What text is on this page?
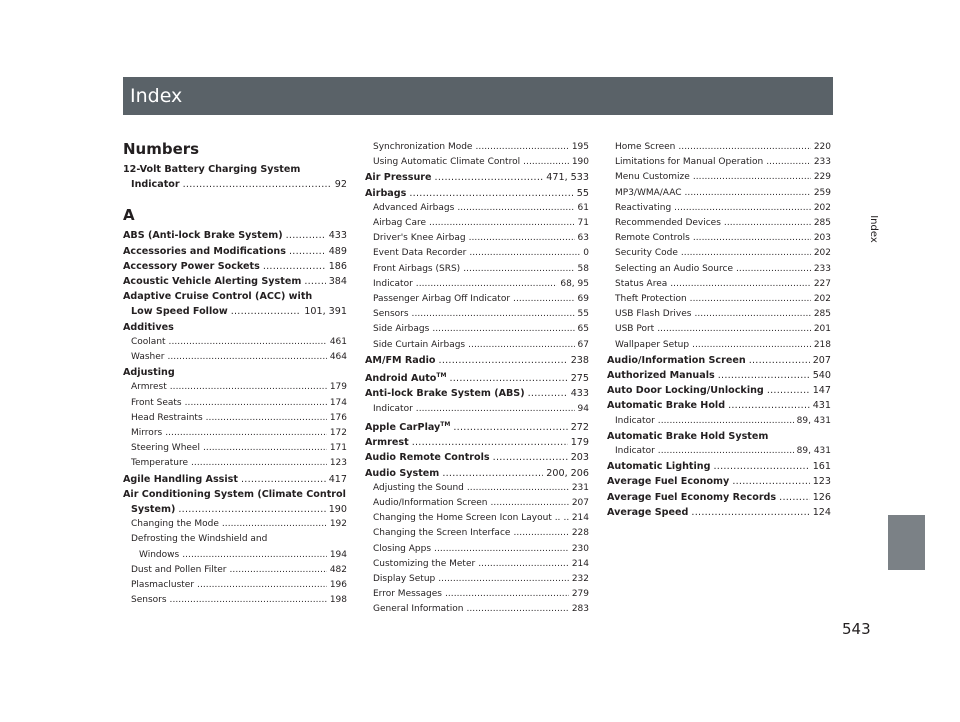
Index
Numbers
12-Volt Battery Charging System
Indicator . . .	92
A
ABS (Anti-lock Brake System) . . .	433
Accessories and Modifications . . .	489
Accessory Power Sockets . . .	186
Acoustic Vehicle Alerting System . . .	384
Adaptive Cruise Control (ACC) with
Low Speed Follow . . .	101, 391
Additives
Coolant . . .	461
Washer . . .	464
Adjusting
Armrest . . .	179
Front Seats . . .	174
Head Restraints . . .	176
Mirrors . . .	172
Steering Wheel . . .	171
Temperature . . .	123
Agile Handling Assist . . .	417
Air Conditioning System (Climate Control
System) . . .	190
Changing the Mode . . .	192
Defrosting the Windshield and
Windows . . .	194
Dust and Pollen Filter . . .	482
Plasmacluster . . .	196
Sensors . . .	198
Synchronization Mode . . .	195
Using Automatic Climate Control . . .	190
Air Pressure . . .	471, 533
Airbags . . .	55
Advanced Airbags . . .	61
Airbag Care . . .	71
Driver's Knee Airbag . . .	63
Event Data Recorder . . .	0
Front Airbags (SRS) . . .	58
Indicator . . .	68, 95
Passenger Airbag Off Indicator . . .	69
Sensors . . .	55
Side Airbags . . .	65
Side Curtain Airbags . . .	67
AM/FM Radio . . .	238
Android Auto™ . . .	275
Anti-lock Brake System (ABS) . . .	433
Indicator . . .	94
Apple CarPlay™ . . .	272
Armrest . . .	179
Audio Remote Controls . . .	203
Audio System . . .	200, 206
Adjusting the Sound . . .	231
Audio/Information Screen . . .	207
Changing the Home Screen Icon Layout .. . . . 214
Changing the Screen Interface . . .	228
Closing Apps . . .	230
Customizing the Meter . . .	214
Display Setup . . .	232
Error Messages . . .	279
General Information . . .	283
Home Screen . . .	220
Limitations for Manual Operation . . .	233
Menu Customize . . .	229
MP3/WMA/AAC . . .	259
Reactivating . . .	202
Recommended Devices . . .	285
Remote Controls . . .	203
Security Code . . .	202
Selecting an Audio Source . . .	233
Status Area . . .	227
Theft Protection . . .	202
USB Flash Drives . . .	285
USB Port . . .	201
Wallpaper Setup . . .	218
Audio/Information Screen . . .	207
Authorized Manuals . . .	540
Auto Door Locking/Unlocking . . .	147
Automatic Brake Hold . . .	431
Indicator . . .	89, 431
Automatic Brake Hold System
Indicator . . .	89, 431
Automatic Lighting . . .	161
Average Fuel Economy . . .	123
Average Fuel Economy Records . . .	126
Average Speed . . .	124
Index
543
